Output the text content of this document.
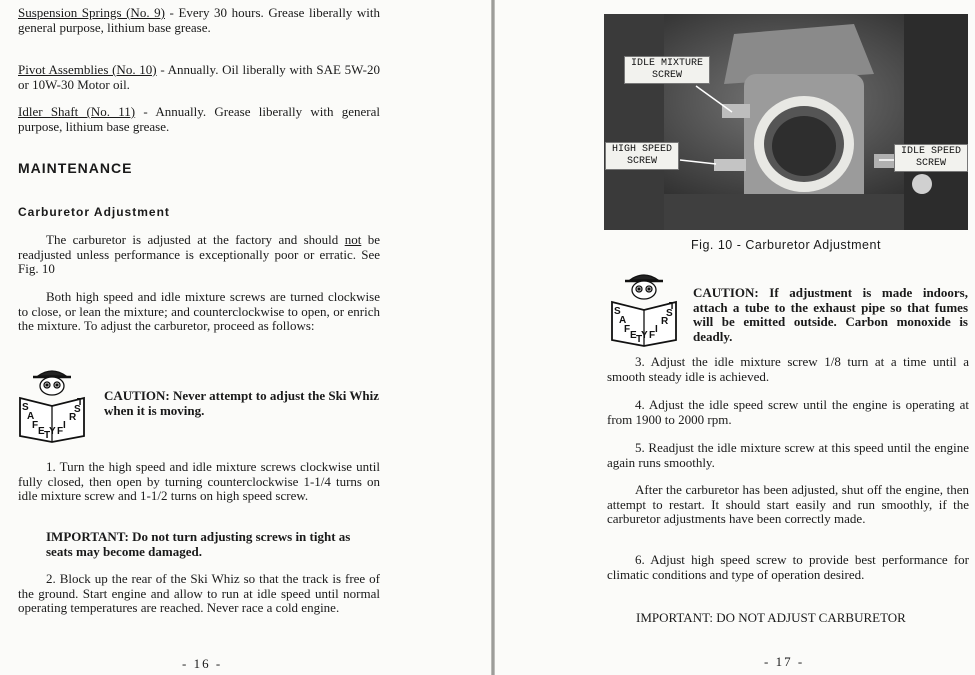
Suspension Springs (No. 9) - Every 30 hours. Grease liberally with general purpose, lithium base grease.

Pivot Assemblies (No. 10) - Annually. Oil liberally with SAE 5W-20 or 10W-30 Motor oil.

Idler Shaft (No. 11) - Annually. Grease liberally with general purpose, lithium base grease.

MAINTENANCE
Carburetor Adjustment

The carburetor is adjusted at the factory and should not be readjusted unless performance is exceptionally poor or erratic. See Fig. 10

Both high speed and idle mixture screws are turned clockwise to close, or lean the mixture; and counterclockwise to open, or enrich the mixture. To adjust the carburetor, proceed as follows:

S
A
F
E T
Y F
I
R
S
T CAUTION: Never attempt to adjust the Ski Whiz when it is moving.

1. Turn the high speed and idle mixture screws clockwise until fully closed, then open by turning counterclockwise 1-1/4 turns on idle mixture screw and 1-1/2 turns on high speed screw.

IMPORTANT: Do not turn adjusting screws in tight as seats may become damaged.

2. Block up the rear of the Ski Whiz so that the track is free of the ground. Start engine and allow to run at idle speed until normal operating temperatures are reached. Never race a cold engine.

- 16 -
IDLE MIXTURE SCREW
HIGH SPEED SCREW
IDLE SPEED SCREW
Fig. 10 - Carburetor Adjustment
S
A
F
E T
Y F
I
R
S
T

CAUTION: If adjustment is made indoors, attach a tube to the exhaust pipe so that fumes will be emitted outside. Carbon monoxide is deadly.

3. Adjust the idle mixture screw 1/8 turn at a time until a smooth steady idle is achieved.

4. Adjust the idle speed screw until the engine is operating at from 1900 to 2000 rpm.

5. Readjust the idle mixture screw at this speed until the engine again runs smoothly.

After the carburetor has been adjusted, shut off the engine, then attempt to restart. It should start easily and run smoothly, if the carburetor adjustments have been correctly made.

6. Adjust high speed screw to provide best performance for climatic conditions and type of operation desired.

IMPORTANT: DO NOT ADJUST CARBURETOR

- 17 -
